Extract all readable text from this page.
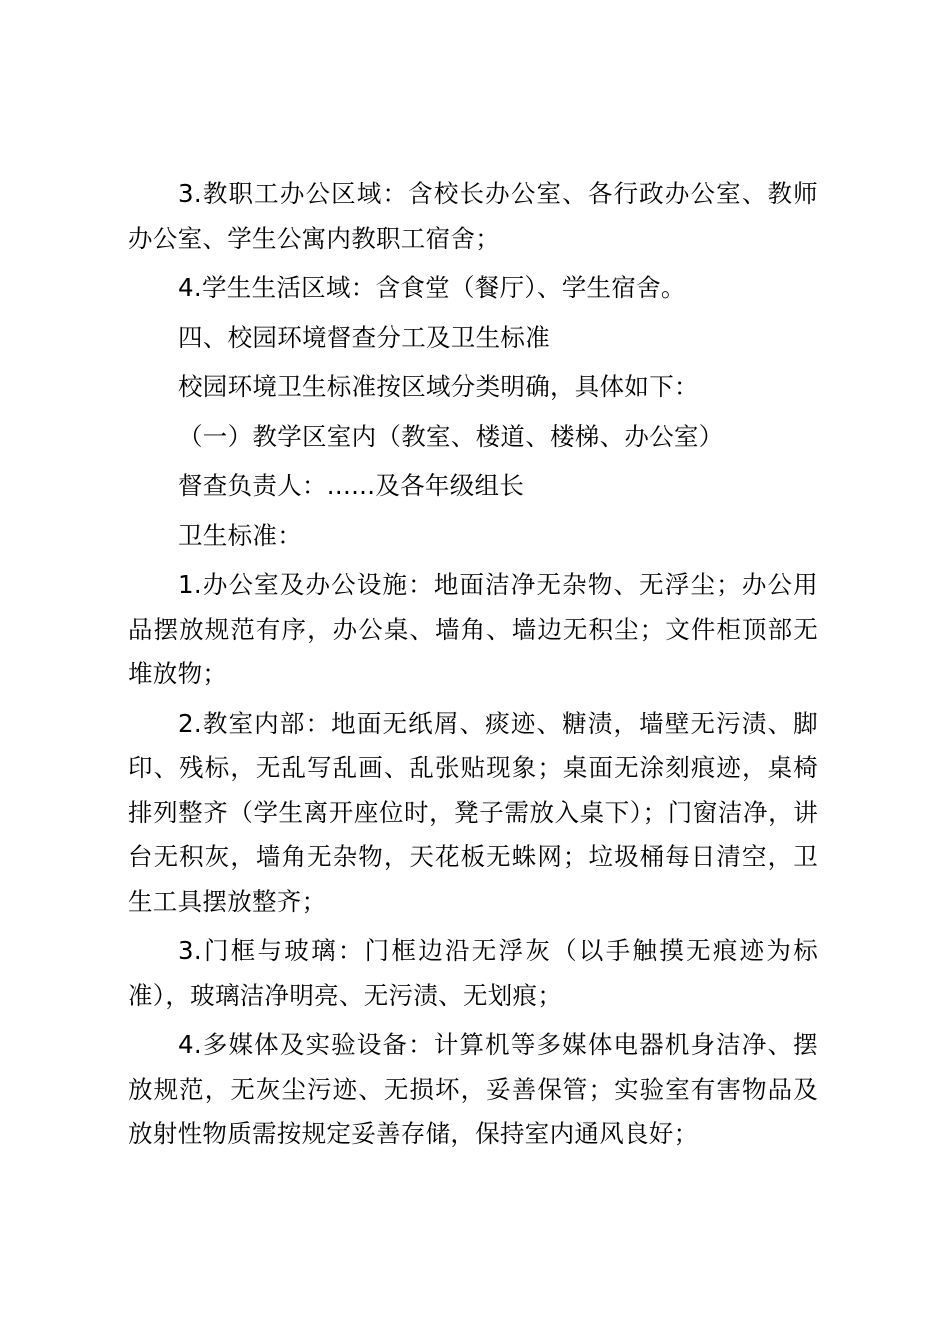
3.教职工办公区域：含校长办公室、各行政办公室、教师办公室、学生公寓内教职工宿舍；

4.学生生活区域：含食堂（餐厅）、学生宿舍。

四、校园环境督查分工及卫生标准

校园环境卫生标准按区域分类明确，具体如下：

（一）教学区室内（教室、楼道、楼梯、办公室）

督查负责人：......及各年级组长

卫生标准：

1.办公室及办公设施：地面洁净无杂物、无浮尘；办公用品摆放规范有序，办公桌、墙角、墙边无积尘；文件柜顶部无堆放物；

2.教室内部：地面无纸屑、痰迹、糖渍，墙壁无污渍、脚印、残标，无乱写乱画、乱张贴现象；桌面无涂刻痕迹，桌椅排列整齐（学生离开座位时，凳子需放入桌下）；门窗洁净，讲台无积灰，墙角无杂物，天花板无蛛网；垃圾桶每日清空，卫生工具摆放整齐；

3.门框与玻璃：门框边沿无浮灰（以手触摸无痕迹为标准），玻璃洁净明亮、无污渍、无划痕；

4.多媒体及实验设备：计算机等多媒体电器机身洁净、摆放规范，无灰尘污迹、无损坏，妥善保管；实验室有害物品及放射性物质需按规定妥善存储，保持室内通风良好；
